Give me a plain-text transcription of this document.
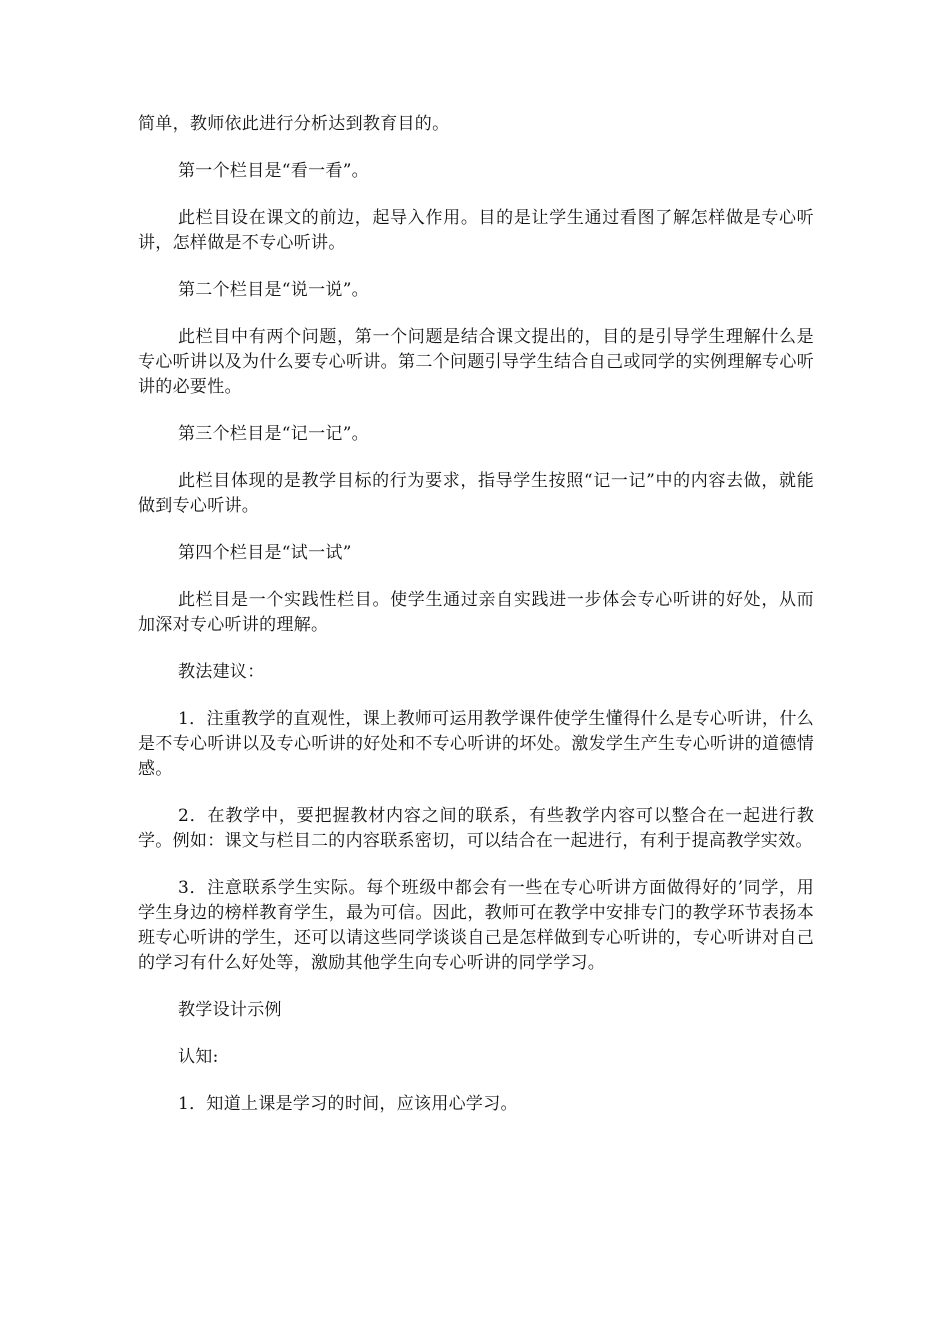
简单，教师依此进行分析达到教育目的。

第一个栏目是“看一看”。

此栏目设在课文的前边，起导入作用。目的是让学生通过看图了解怎样做是专心听讲，怎样做是不专心听讲。

第二个栏目是“说一说”。

此栏目中有两个问题，第一个问题是结合课文提出的，目的是引导学生理解什么是专心听讲以及为什么要专心听讲。第二个问题引导学生结合自己或同学的实例理解专心听讲的必要性。

第三个栏目是“记一记”。

此栏目体现的是教学目标的行为要求，指导学生按照“记一记”中的内容去做，就能做到专心听讲。

第四个栏目是“试一试”

此栏目是一个实践性栏目。使学生通过亲自实践进一步体会专心听讲的好处，从而加深对专心听讲的理解。

教法建议：

1．注重教学的直观性，课上教师可运用教学课件使学生懂得什么是专心听讲，什么是不专心听讲以及专心听讲的好处和不专心听讲的坏处。激发学生产生专心听讲的道德情感。

2．在教学中，要把握教材内容之间的联系，有些教学内容可以整合在一起进行教学。例如：课文与栏目二的内容联系密切，可以结合在一起进行，有利于提高教学实效。

3．注意联系学生实际。每个班级中都会有一些在专心听讲方面做得好的’同学，用学生身边的榜样教育学生，最为可信。因此，教师可在教学中安排专门的教学环节表扬本班专心听讲的学生，还可以请这些同学谈谈自己是怎样做到专心听讲的，专心听讲对自己的学习有什么好处等，激励其他学生向专心听讲的同学学习。

教学设计示例

认知:

1．知道上课是学习的时间，应该用心学习。
